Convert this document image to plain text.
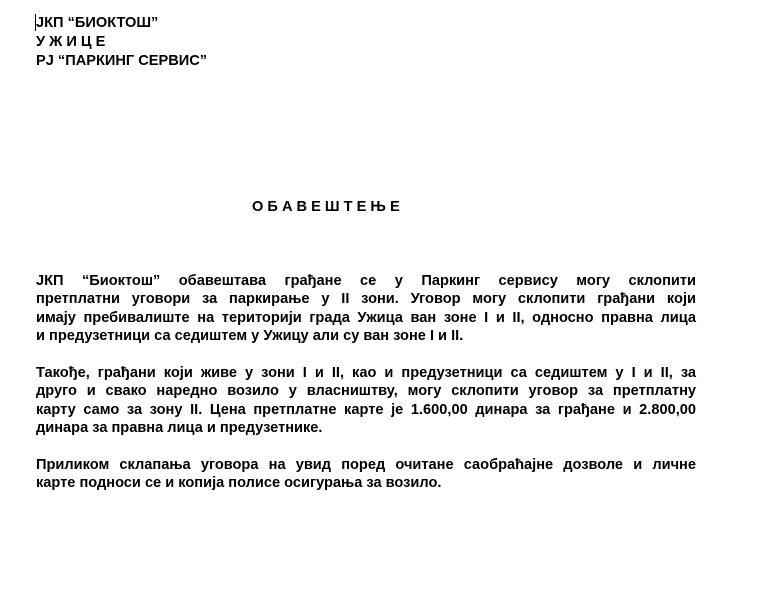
ЈКП “БИОКТОШ”
У Ж И Ц Е
РЈ “ПАРКИНГ СЕРВИС”
О Б А В Е Ш Т Е Њ Е
ЈКП “Биоктош” обавештава грађане се у Паркинг сервису могу склопити
претплатни уговори за паркирање у II зони. Уговор могу склопити грађани који
имају пребивалиште на територији града Ужица ван зоне I и II, односно правна лица
и предузетници са седиштем у Ужицу али су ван зоне I и II.
Такође, грађани који живе у зони I и II, као и предузетници са седиштем у I и II, за
друго и свако наредно возило у власништву, могу склопити уговор за претплатну
карту само за зону II. Цена претплатне карте је 1.600,00 динара за грађане и 2.800,00
динара за правна лица и предузетнике.
Приликом склапања уговора на увид поред очитане саобраћајне дозволе и личне
карте подноси се и копија полисе осигурања за возило.
